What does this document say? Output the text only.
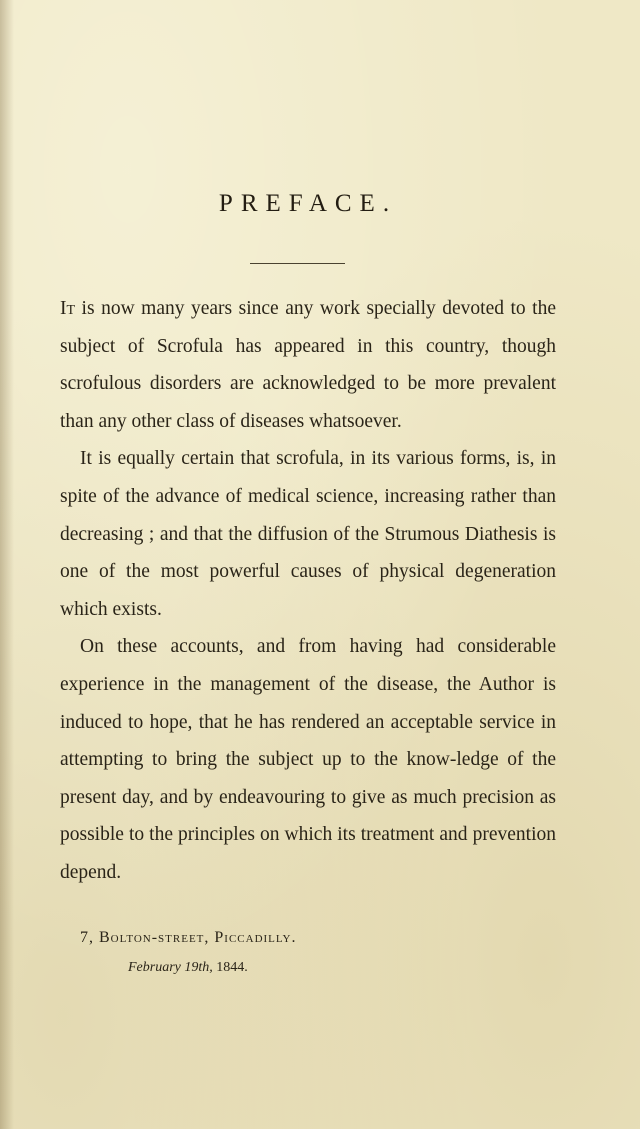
PREFACE.

It is now many years since any work specially devoted to the subject of Scrofula has appeared in this country, though scrofulous disorders are acknowledged to be more prevalent than any other class of diseases whatsoever.

It is equally certain that scrofula, in its various forms, is, in spite of the advance of medical science, increasing rather than decreasing ; and that the diffusion of the Strumous Diathesis is one of the most powerful causes of physical degeneration which exists.

On these accounts, and from having had considerable experience in the management of the disease, the Author is induced to hope, that he has rendered an acceptable service in attempting to bring the subject up to the know-ledge of the present day, and by endeavouring to give as much precision as possible to the principles on which its treatment and prevention depend.

7, Bolton-street, Piccadilly.
February 19th, 1844.
